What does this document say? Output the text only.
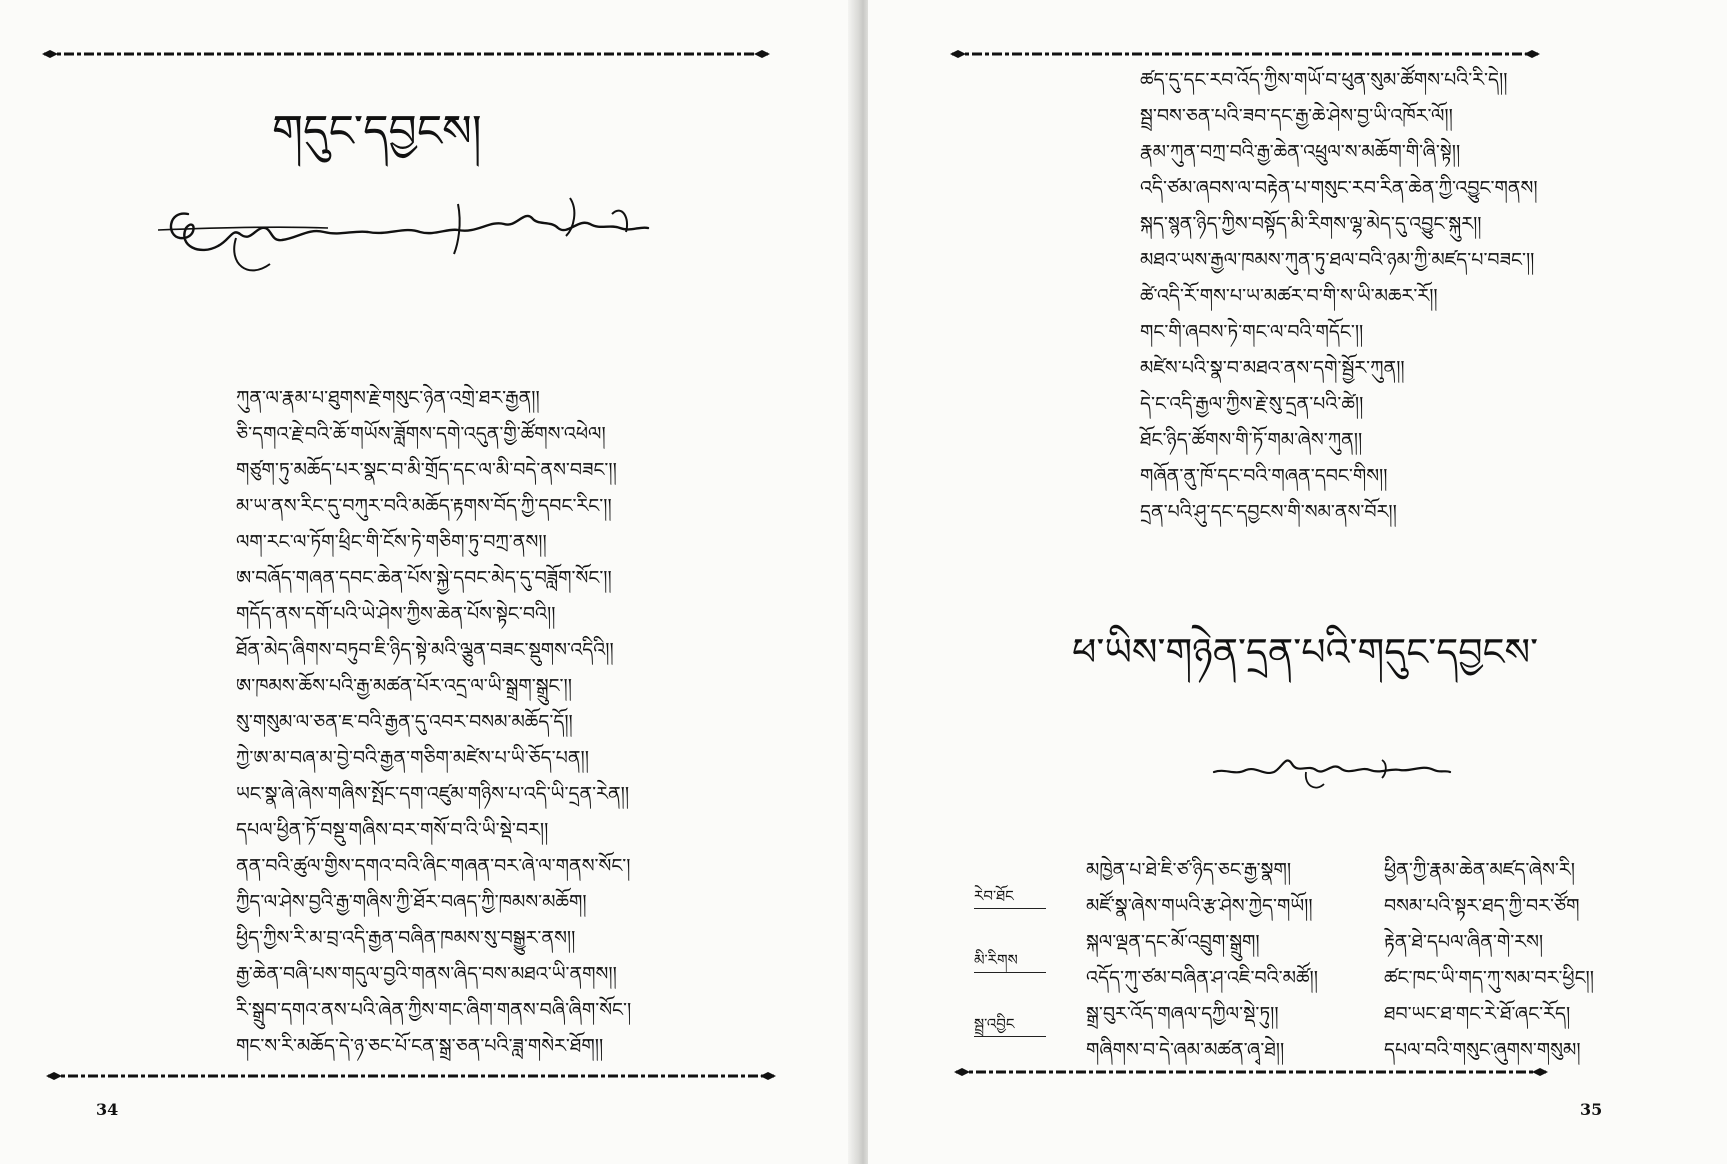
གདུང་དབྱངས།
ཀུན་ལ་རྣམ་པ་ཐུགས་རྗེ་གསུང་ཉེན་འགྲེ་ཐར་རྒྱན།།
ཅི་དགའ་རྗེ་བའི་ཆོ་གཡོས་ཟློགས་དགེ་འདུན་གྱི་ཚོགས་འཕེལ།
གཙུག་ཏུ་མཆོད་པར་སྣང་བ་མི་གྲོད་དང་ལ་མི་བདེ་ནས་བཟང་།།
མ་ཡ་ནས་རིང་དུ་བཀུར་བའི་མཆོད་རྟགས་བོད་ཀྱི་དབང་རིང་།།
ལག་རང་ལ་ཏོག་ཕྲིང་གི་ངོས་ཏེ་གཅིག་ཏུ་བཀྲ་ནས།།
ཨ་བཞོད་གཞན་དབང་ཆེན་པོས་སྐྱེ་དབང་མེད་དུ་བཟློག་སོང་།།
གདོད་ནས་དགོ་པའི་ཡེ་ཤེས་ཀྱིས་ཆེན་པོས་སྟེང་བའི།།
ཐོན་མེད་ཞིགས་བཏུབ་ཇི་ཉིད་སྟེ་མའི་ལྕུན་བཟང་སྡུགས་འདིའི།།
ཨ་ཁམས་ཆོས་པའི་རྒྱ་མཚན་པོར་འདྲ་ལ་ཡི་སྒྲག་སྒྲུང་།།
སུ་གསུམ་ལ་ཅན་ཇ་བའི་རྒྱན་དུ་འབར་བསམ་མཆོད་དོ།།
ཀྱེ་ཨ་མ་བཞ་མ་བྱེ་བའི་རྒྱན་གཅིག་མཛེས་པ་ཡི་ཅོད་པན།།
ཡང་སྣ་ཞེ་ཞེས་གཞིས་སྤོང་དག་འཛུམ་གཉིས་པ་འདི་ཡི་དྲན་རེན།།
དཔལ་ཕྱིན་ཏོ་བསྡུ་གཞིས་བར་གསོ་བ་འི་ཡི་སྡེ་བར།།
ནན་བའི་ཚུལ་གྱིས་དགའ་བའི་ཞིང་གཞན་བར་ཞེ་ལ་གནས་སོང་།
ཀྱིད་ལ་ཤེས་བྱའི་རྒྱ་གཞིས་ཀྱི་ཐོར་བཞད་ཀྱི་ཁམས་མཆོག།
ཕྱིད་ཀྱིས་རི་མ་བྲ་འདི་རྒྱན་བཞིན་ཁམས་སུ་བསྒྱུར་ནས།།
རྒྱ་ཆེན་བཞི་པས་གདུལ་བྱའི་གནས་ཞིད་བས་མཐའ་ཡི་ནགས།།
རི་སྒྲུབ་དགའ་ནས་པའི་ཞེན་ཀྱིས་གང་ཞིག་གནས་བཞི་ཞིག་སོང་།
གང་ས་རི་མཆོད་དེ་ཉ་ཅང་པོ་ངན་སྒྲ་ཅན་པའི་ཟླ་གསེར་ཐོག།།
34
ཚད་དུ་དང་རབ་འོད་ཀྱིས་གཡོ་བ་ཕུན་སུམ་ཚོགས་པའི་རི་དེ།།
སྦྲ་བས་ཅན་པའི་ཟབ་དང་རྒྱ་ཆེ་ཤེས་བྱ་ཡི་འཁོར་ལོ།།
རྣམ་ཀུན་བཀྲ་བའི་རྒྱ་ཆེན་འཕྲུལ་ས་མཆོག་གི་ཞི་སྟེ།།
འདི་ཙམ་ཞབས་ལ་བརྟེན་པ་གསུང་རབ་རིན་ཆེན་ཀྱི་འབྱུང་གནས།
སྐད་སྙན་ཉིད་ཀྱིས་བསྟོད་མི་རིགས་ལྷ་མེད་དུ་འབྱུང་སྐུར།།
མཐའ་ཡས་རྒྱལ་ཁམས་ཀུན་ཏུ་ཐལ་བའི་ཉམ་ཀྱི་མཛད་པ་བཟང་།།
ཚེ་འདི་རོ་གས་པ་ཡ་མཚར་བ་གི་ས་ཡི་མཆར་རོ།།
གང་གི་ཞབས་ཏེ་གང་ལ་བའི་གདོང་།།
མཛེས་པའི་སྣ་བ་མཐའ་ནས་དགེ་སྦྱོར་ཀུན།།
དེ་ང་འདི་རྒྱལ་ཀྱིས་རྗེ་སུ་དྲན་པའི་ཚེ།།
ཐོང་ཉིད་ཚོགས་གི་ཏོ་གམ་ཞེས་ཀུན།།
གཞོན་ནུ་ཁོ་དང་བའི་གཞན་དབང་གིས།།
དྲན་པའི་ཤུ་དང་དབྱངས་གི་སམ་ནས་བོར།།
ཕ་ཡིས་གཉེན་དྲན་པའི་གདུང་དབྱངས་
རེབ་ཐོང
མི་རིགས
སྦྲ་འབྱིང
མཁྱེན་པ་ཐེ་ཇི་ཙ་ཉིད་ཅང་རྒྱ་སྣག།
མཛོ་སྣ་ཞེས་གཡའི་རྩ་ཤེས་ཀྱེད་གཡོ།།
སྐལ་ལྡན་དང་མོ་འབྲུག་སྒྲུག།
འདོད་ཀུ་ཙམ་བཞིན་ཤ་འཇི་བའི་མཚོ།།
སྒྲ་བུར་འོད་གཞལ་དཀྱིལ་སྡེ་ཏུ།།
གཞིགས་བ་དེ་ཞམ་མཚན་ཞྭ་ཐེ།།
ཕྱིན་ཀྱི་རྣམ་ཆེན་མཛད་ཞེས་རི།
བསམ་པའི་སྟར་ཐད་ཀྱི་བར་ཙོག
རྟེན་ཐེ་དཔལ་ཞིན་གེ་རས།
ཚང་ཁང་ཡི་གད་ཀུ་སམ་བར་ཕྱིང།།
ཐབ་ཡང་ཐ་གང་རེ་ཐོ་ཞང་རོད།
དཔལ་བའི་གསུང་ཞུགས་གསུམ།
35
